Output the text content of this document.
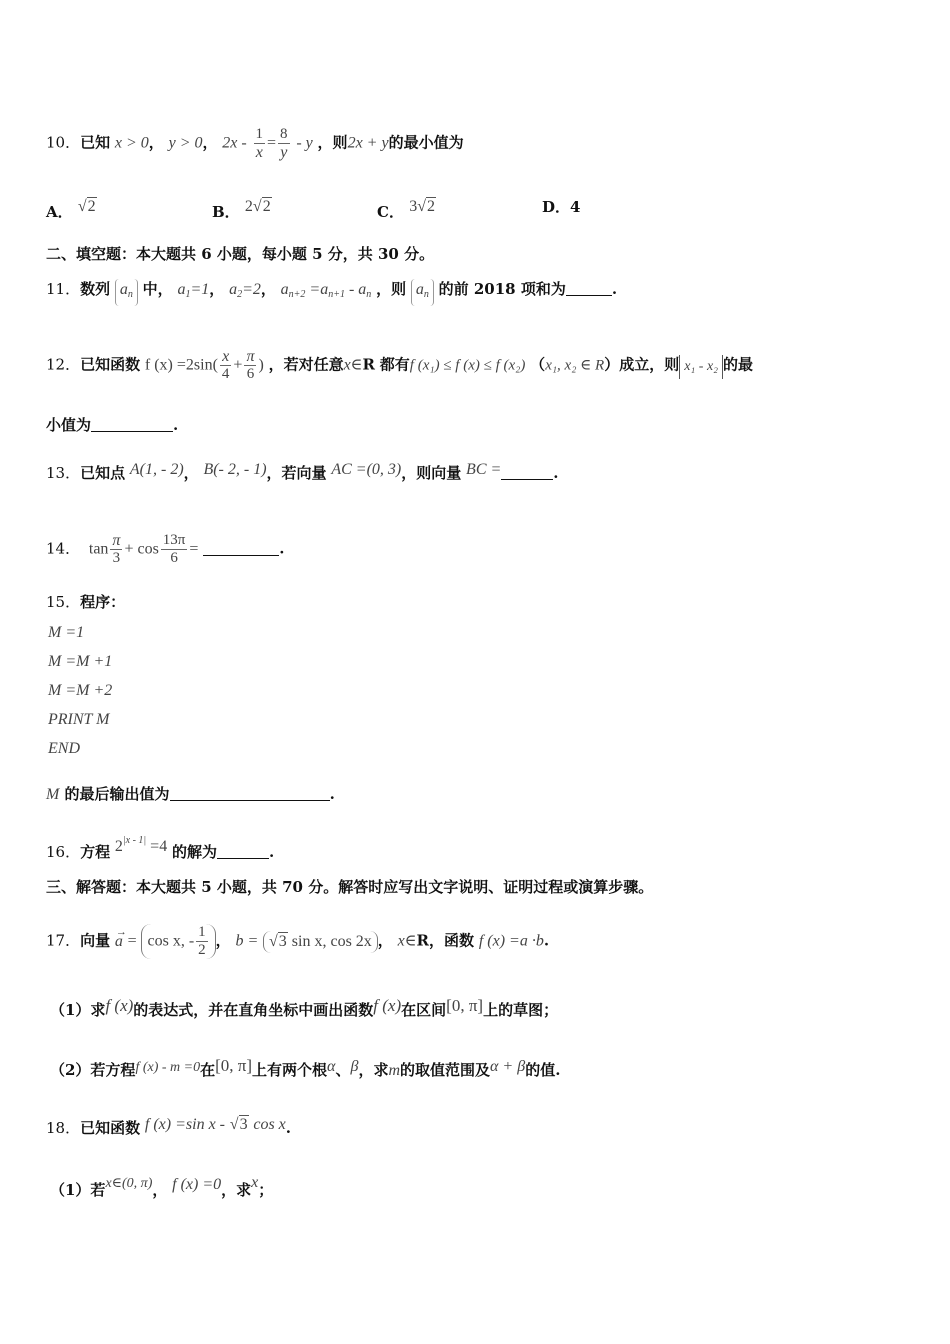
10．已知 x > 0， y > 0， $2x - \frac{1}{x} = \frac{8}{y} - y$ ，则2x + y的最小值为
A． √2	B． 2√2	C． 3√2	D．4
二、填空题：本大题共 6 小题，每小题 5 分，共 30 分。
11．数列 $a_n$ 中， $a_1=1$， $a_2=2$， $a_{n+2} =a_{n+1} - a_n$ ，则 $a_n$ 的前 2018 项和为	.
12．已知函数 f $(x) =2\sin( \frac{x}{4} + \frac{\pi}{6}$ ) ，若对任意x∈R 都有f (x₁) ≤ f (x) ≤ f (x₂) （x₁, x₂ ∈ R）成立，则 x₁ - x₂ 的最
小值为	.
13．已知点 A(1, - 2)， B(- 2, - 1)，若向量 AC =(0, 3)，则向量 BC =	.
14． $\tan \frac{\pi}{3} + \cos \frac{13\pi}{6}$ =	.
15．程序：
M =1
M =M +1
M =M +2
PRINT M
END
M 的最后输出值为	.
16．方程 $2^{|x - 1|} =4$ 的解为	.
三、解答题：本大题共 5 小题，共 70 分。解答时应写出文字说明、证明过程或演算步骤。
17．向量 →
a = cos x, - $\frac{1}{2}$ ， b = √3 sin x, cos 2x ， x∈R，函数 f (x) =a ·b.
（1）求f (x)的表达式，并在直角坐标中画出函数f (x)在区间[0, π]上的草图；
（2）若方程f (x) - m =0在[0, π]上有两个根α、β，求m的取值范围及α + β的值.
18．已知函数 f (x) =sin x - √3 cos x.
（1）若x∈(0, π)， f (x) =0，求x；
